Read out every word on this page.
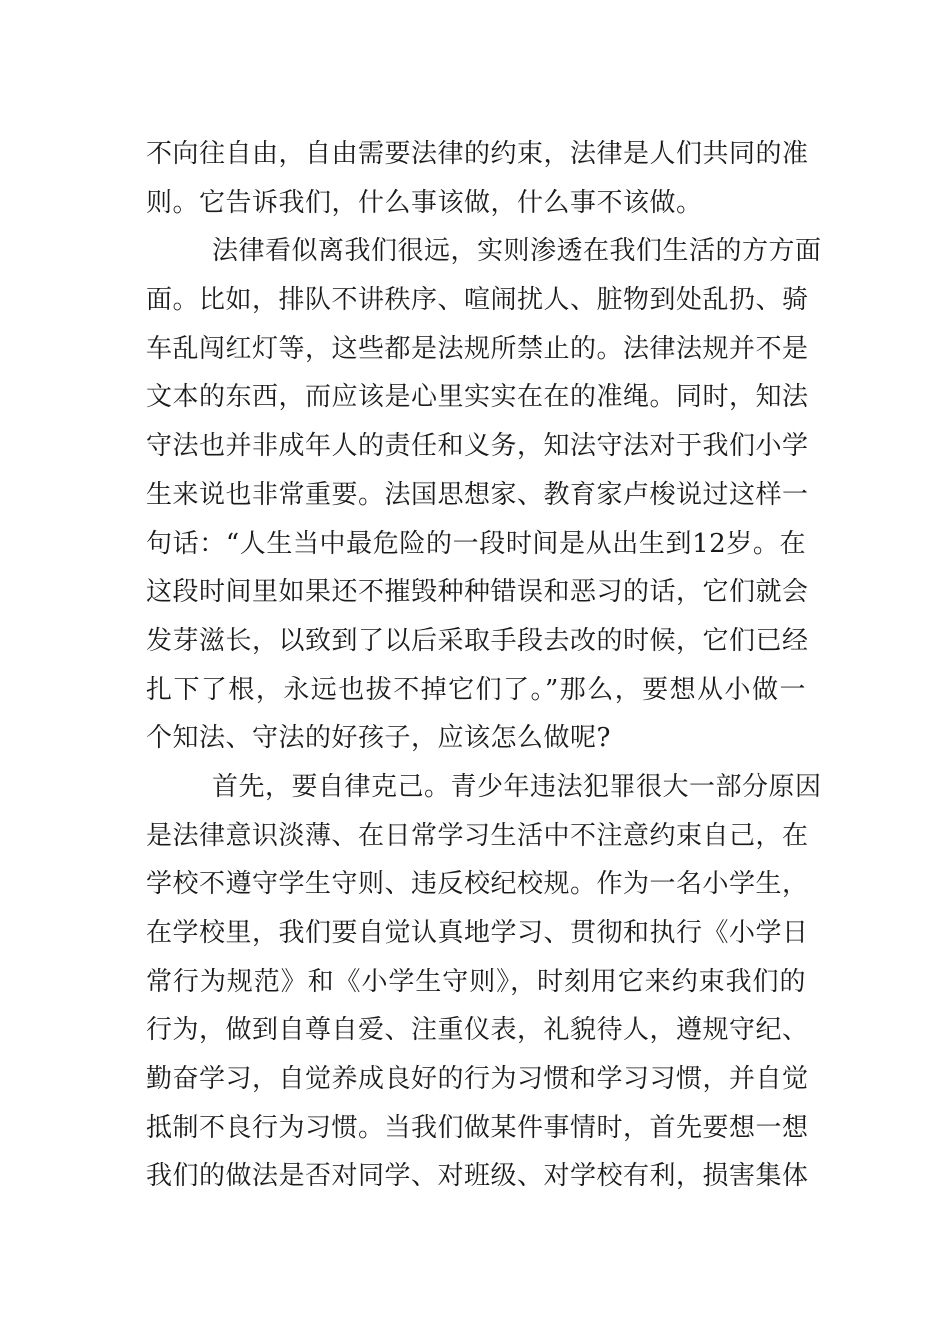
不向往自由，自由需要法律的约束，法律是人们共同的准
则。它告诉我们，什么事该做，什么事不该做。
法律看似离我们很远，实则渗透在我们生活的方方面
面。比如，排队不讲秩序、喧闹扰人、脏物到处乱扔、骑
车乱闯红灯等，这些都是法规所禁止的。法律法规并不是
文本的东西，而应该是心里实实在在的准绳。同时，知法
守法也并非成年人的责任和义务，知法守法对于我们小学
生来说也非常重要。法国思想家、教育家卢梭说过这样一
句话：“人生当中最危险的一段时间是从出生到12岁。在
这段时间里如果还不摧毁种种错误和恶习的话，它们就会
发芽滋长，以致到了以后采取手段去改的时候，它们已经
扎下了根，永远也拔不掉它们了。”那么，要想从小做一
个知法、守法的好孩子，应该怎么做呢?
首先，要自律克己。青少年违法犯罪很大一部分原因
是法律意识淡薄、在日常学习生活中不注意约束自己，在
学校不遵守学生守则、违反校纪校规。作为一名小学生，
在学校里，我们要自觉认真地学习、贯彻和执行《小学日
常行为规范》和《小学生守则》，时刻用它来约束我们的
行为，做到自尊自爱、注重仪表，礼貌待人，遵规守纪、
勤奋学习，自觉养成良好的行为习惯和学习习惯，并自觉
抵制不良行为习惯。当我们做某件事情时，首先要想一想
我们的做法是否对同学、对班级、对学校有利，损害集体
